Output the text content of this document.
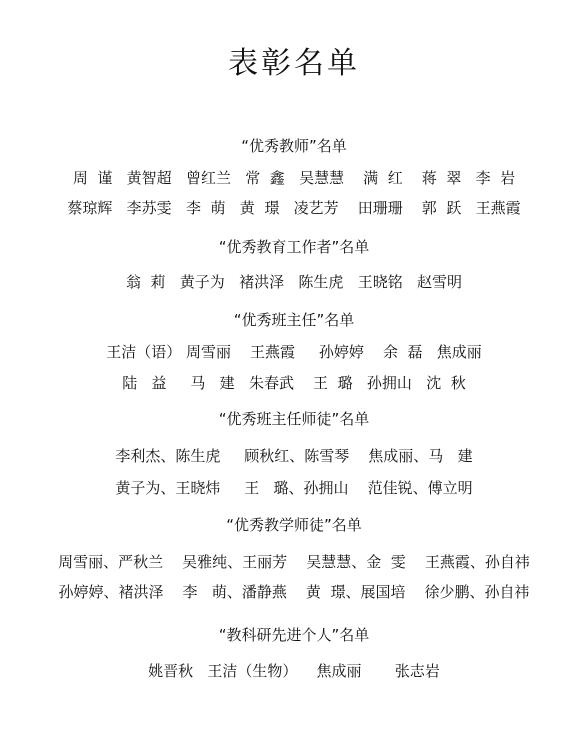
表彰名单
“优秀教师”名单
周  谨   黄智超   曾红兰   常  鑫   吴慧慧    满  红    蒋  翠   李  岩
蔡琼辉   李苏雯   李  萌   黄  璟   凌艺芳    田珊珊    郭  跃   王燕霞
“优秀教育工作者”名单
翁  莉   黄子为   褚洪泽   陈生虎   王晓铭   赵雪明
“优秀班主任”名单
王洁（语） 周雪丽    王燕霞     孙婷婷    余  磊   焦成丽
陆   益     马   建   朱春武    王  璐   孙拥山   沈  秋
“优秀班主任师徒”名单
李利杰、陈生虎     顾秋红、陈雪琴    焦成丽、马   建
黄子为、王晓炜     王   璐、孙拥山    范佳锐、傅立明
“优秀教学师徒”名单
周雪丽、严秋兰    吴雅纯、王丽芳    吴慧慧、金  雯    王燕霞、孙自祎
孙婷婷、褚洪泽    李   萌、潘静燕    黄  璟、展国培    徐少鹏、孙自祎
“教科研先进个人”名单
姚晋秋   王洁（生物）    焦成丽       张志岩
